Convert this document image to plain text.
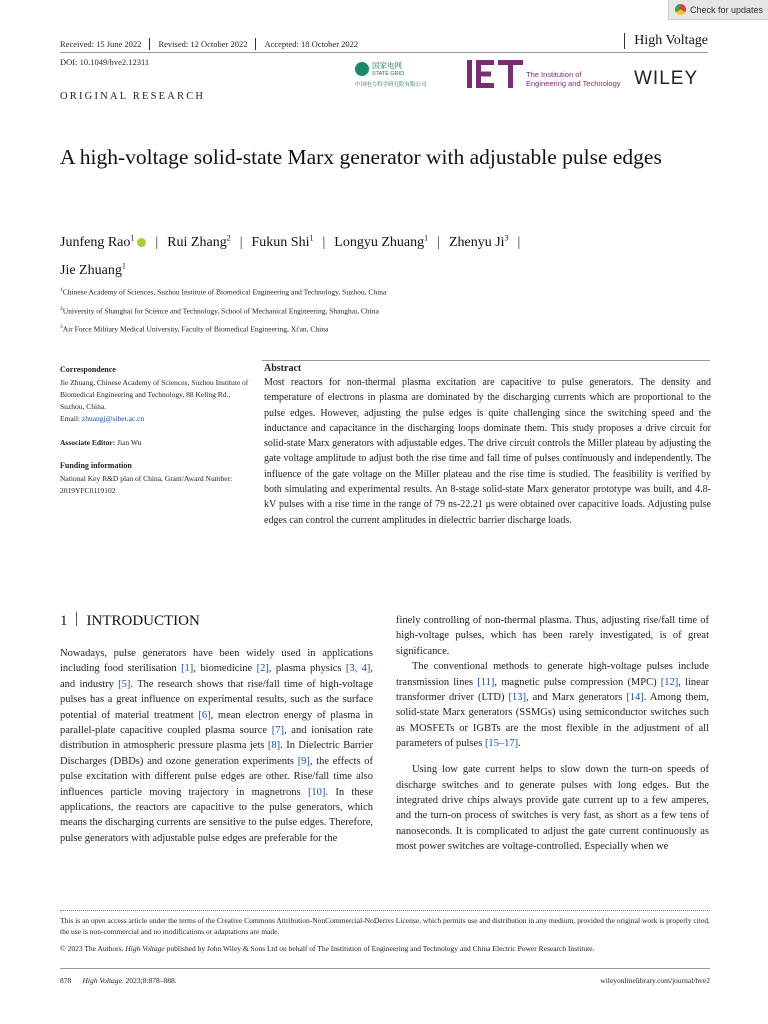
Check for updates
Received: 15 June 2022 Revised: 12 October 2022 Accepted: 18 October 2022	High Voltage
DOI: 10.1049/hve2.12311
ORIGINAL RESEARCH
国家电网
STATE GRID
中国电力科学研究院有限公司
The Institution of
Engineering and Technology WILEY
A high-voltage solid-state Marx generator with adjustable pulse edges
Junfeng Rao$^1$ | Rui Zhang$^2$ | Fukun Shi$^1$ | Longyu Zhuang$^1$ | Zhenyu Ji$^3$ |
Jie Zhuang$^1$
$^1$Chinese Academy of Sciences, Suzhou Institute of Biomedical Engineering and Technology, Suzhou, China
$^2$University of Shanghai for Science and Technology, School of Mechanical Engineering, Shanghai, China
$^3$Air Force Military Medical University, Faculty of Biomedical Engineering, Xi'an, China
Correspondence
Jie Zhuang, Chinese Academy of Sciences, Suzhou Institute of Biomedical Engineering and Technology, 88 Keling Rd., Suzhou, China.
Email: zhuangj@sibet.ac.cn
Associate Editor: Jian Wu
Funding information
National Key R&D plan of China, Grant/Award Number: 2019YFC0119102
Abstract
Most reactors for non-thermal plasma excitation are capacitive to pulse generators. The density and temperature of electrons in plasma are dominated by the discharging currents which are proportional to the pulse edges. However, adjusting the pulse edges is quite challenging since the switching speed and the inductance and capacitance in the discharging loops dominate them. This study proposes a drive circuit for solid-state Marx generators with adjustable edges. The drive circuit controls the Miller plateau by adjusting the gate voltage amplitude to adjust both the rise time and fall time of pulses continuously and independently. The influence of the gate voltage on the Miller plateau and the rise time is studied. The feasibility is verified by both simulating and experimental results. An 8-stage solid-state Marx generator prototype was built, and 4.8-kV pulses with a rise time in the range of 79 ns-22.21 μs were obtained over capacitive loads. Adjusting pulse edges can control the current amplitudes in dielectric barrier discharge loads.
1 INTRODUCTION

Nowadays, pulse generators have been widely used in applications including food sterilisation [1], biomedicine [2], plasma physics [3, 4], and industry [5]. The research shows that rise/fall time of high-voltage pulses has a great influence on experimental results, such as the surface potential of material treatment [6], mean electron energy of plasma in parallel-plate capacitive coupled plasma source [7], and ionisation rate distribution in atmospheric pressure plasma jets [8]. In Dielectric Barrier Discharges (DBDs) and ozone generation experiments [9], the effects of pulse excitation with different pulse edges are other. Rise/fall time also influences particle moving trajectory in magnetrons [10]. In these applications, the reactors are capacitive to the pulse generators, which means the discharging currents are sensitive to the pulse edges. Therefore, pulse generators with adjustable pulse edges are preferable for the

finely controlling of non-thermal plasma. Thus, adjusting rise/fall time of high-voltage pulses, which has been rarely investigated, is of great significance.

The conventional methods to generate high-voltage pulses include transmission lines [11], magnetic pulse compression (MPC) [12], linear transformer driver (LTD) [13], and Marx generators [14]. Among them, solid-state Marx generators (SSMGs) using semiconductor switches such as MOSFETs or IGBTs are the most flexible in the adjustment of all parameters of pulses [15–17].

Using low gate current helps to slow down the turn-on speeds of discharge switches and to generate pulses with long edges. But the integrated drive chips always provide gate current up to a few amperes, and the turn-on process of switches is very fast, as short as a few tens of nanoseconds. It is complicated to adjust the gate current continuously as most power switches are voltage-controlled. Especially when we

This is an open access article under the terms of the Creative Commons Attribution-NonCommercial-NoDerivs License, which permits use and distribution in any medium, provided the original work is properly cited, the use is non-commercial and no modifications or adaptations are made.
© 2023 The Authors. High Voltage published by John Wiley & Sons Ltd on behalf of The Institution of Engineering and Technology and China Electric Power Research Institute.
878 High Voltage. 2023;8:878–888.	wileyonlinelibrary.com/journal/hve2
